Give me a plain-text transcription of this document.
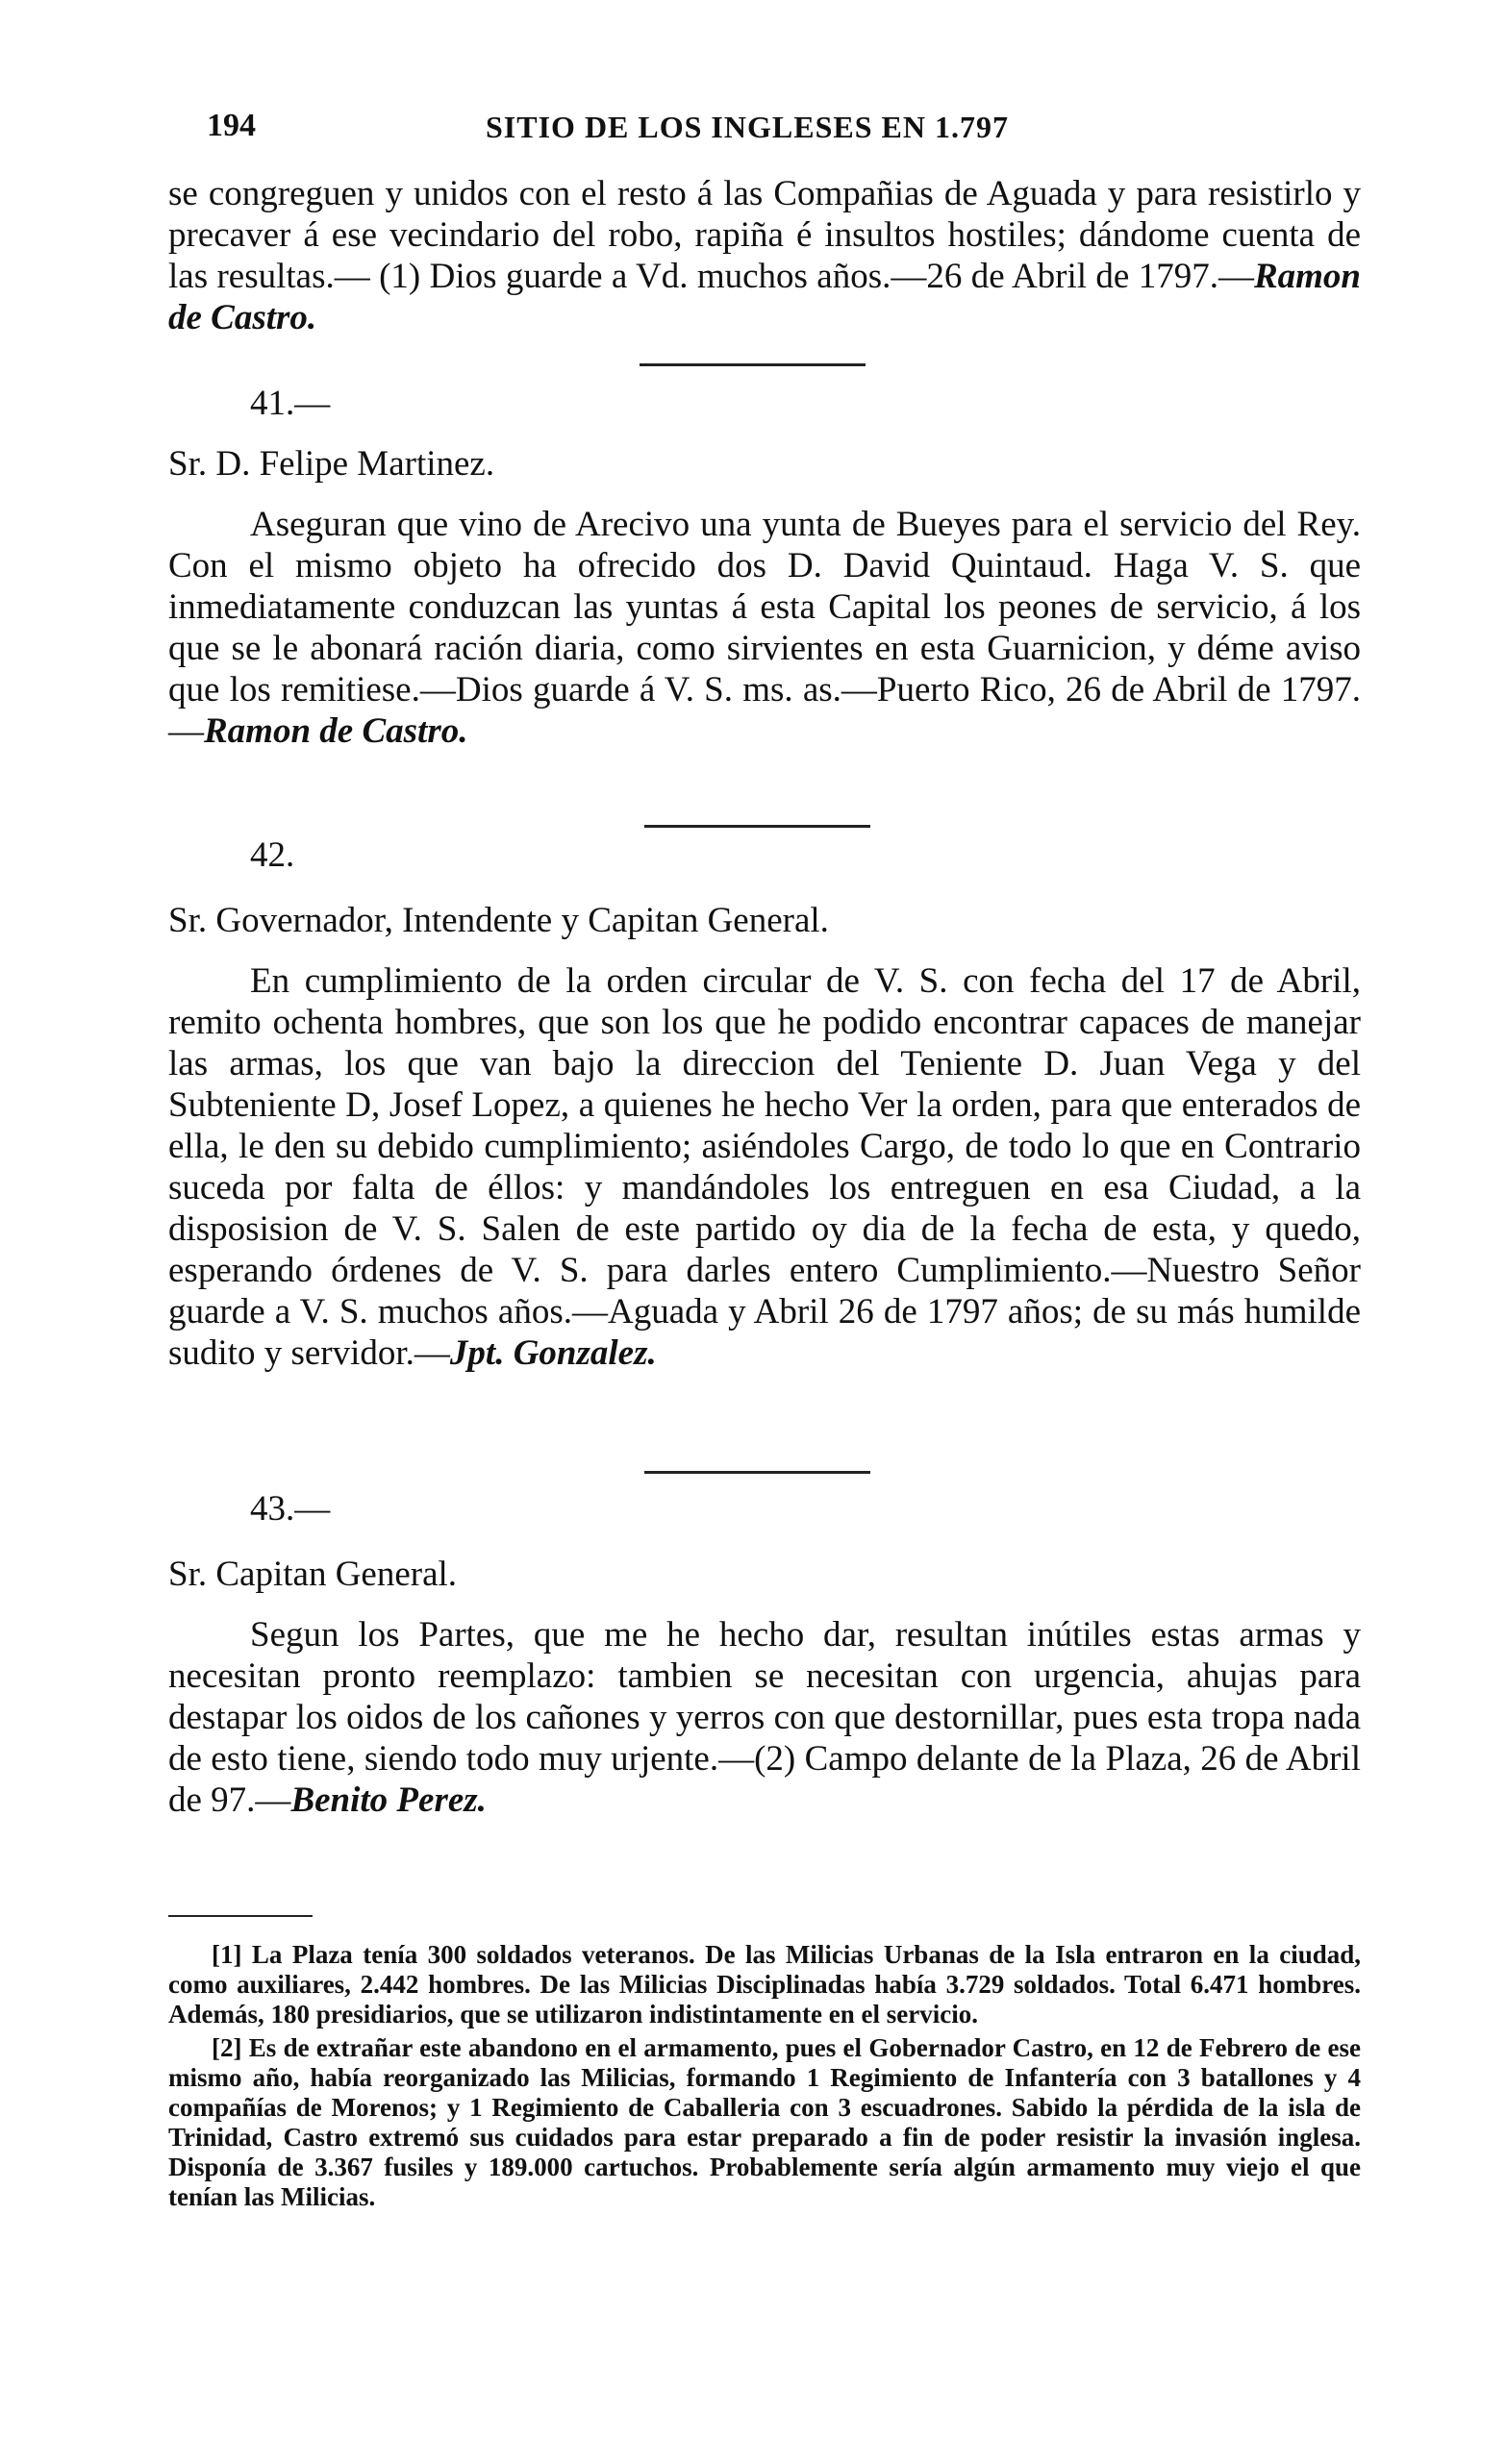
194	SITIO DE LOS INGLESES EN 1.797

se congreguen y unidos con el resto á las Compañias de Aguada y para resistirlo y precaver á ese vecindario del robo, rapiña é insultos hostiles; dándome cuenta de las resultas.— (1) Dios guarde a Vd. muchos años.—26 de Abril de 1797.—Ramon de Castro.

41.—

Sr. D. Felipe Martinez.

Aseguran que vino de Arecivo una yunta de Bueyes para el servicio del Rey. Con el mismo objeto ha ofrecido dos D. David Quintaud. Haga V. S. que inmediatamente conduzcan las yuntas á esta Capital los peones de servicio, á los que se le abonará ración diaria, como sirvientes en esta Guarnicion, y déme aviso que los remitiese.—Dios guarde á V. S. ms. as.—Puerto Rico, 26 de Abril de 1797.—Ramon de Castro.

42.

Sr. Governador, Intendente y Capitan General.

En cumplimiento de la orden circular de V. S. con fecha del 17 de Abril, remito ochenta hombres, que son los que he podido encontrar capaces de manejar las armas, los que van bajo la direccion del Teniente D. Juan Vega y del Subteniente D, Josef Lopez, a quienes he hecho Ver la orden, para que enterados de ella, le den su debido cumplimiento; asiéndoles Cargo, de todo lo que en Contrario suceda por falta de éllos: y mandándoles los entreguen en esa Ciudad, a la disposision de V. S. Salen de este partido oy dia de la fecha de esta, y quedo, esperando órdenes de V. S. para darles entero Cumplimiento.—Nuestro Señor guarde a V. S. muchos años.—Aguada y Abril 26 de 1797 años; de su más humilde sudito y servidor.—Jpt. Gonzalez.

43.—

Sr. Capitan General.

Segun los Partes, que me he hecho dar, resultan inútiles estas armas y necesitan pronto reemplazo: tambien se necesitan con urgencia, ahujas para destapar los oidos de los cañones y yerros con que destornillar, pues esta tropa nada de esto tiene, siendo todo muy urjente.—(2) Campo delante de la Plaza, 26 de Abril de 97.—Benito Perez.

[1] La Plaza tenía 300 soldados veteranos. De las Milicias Urbanas de la Isla entraron en la ciudad, como auxiliares, 2.442 hombres. De las Milicias Disciplinadas había 3.729 soldados. Total 6.471 hombres. Además, 180 presidiarios, que se utilizaron indistintamente en el servicio.

[2] Es de extrañar este abandono en el armamento, pues el Gobernador Castro, en 12 de Febrero de ese mismo año, había reorganizado las Milicias, formando 1 Regimiento de Infantería con 3 batallones y 4 compañías de Morenos; y 1 Regimiento de Caballeria con 3 escuadrones. Sabido la pérdida de la isla de Trinidad, Castro extremó sus cuidados para estar preparado a fin de poder resistir la invasión inglesa. Disponía de 3.367 fusiles y 189.000 cartuchos. Probablemente sería algún armamento muy viejo el que tenían las Milicias.
